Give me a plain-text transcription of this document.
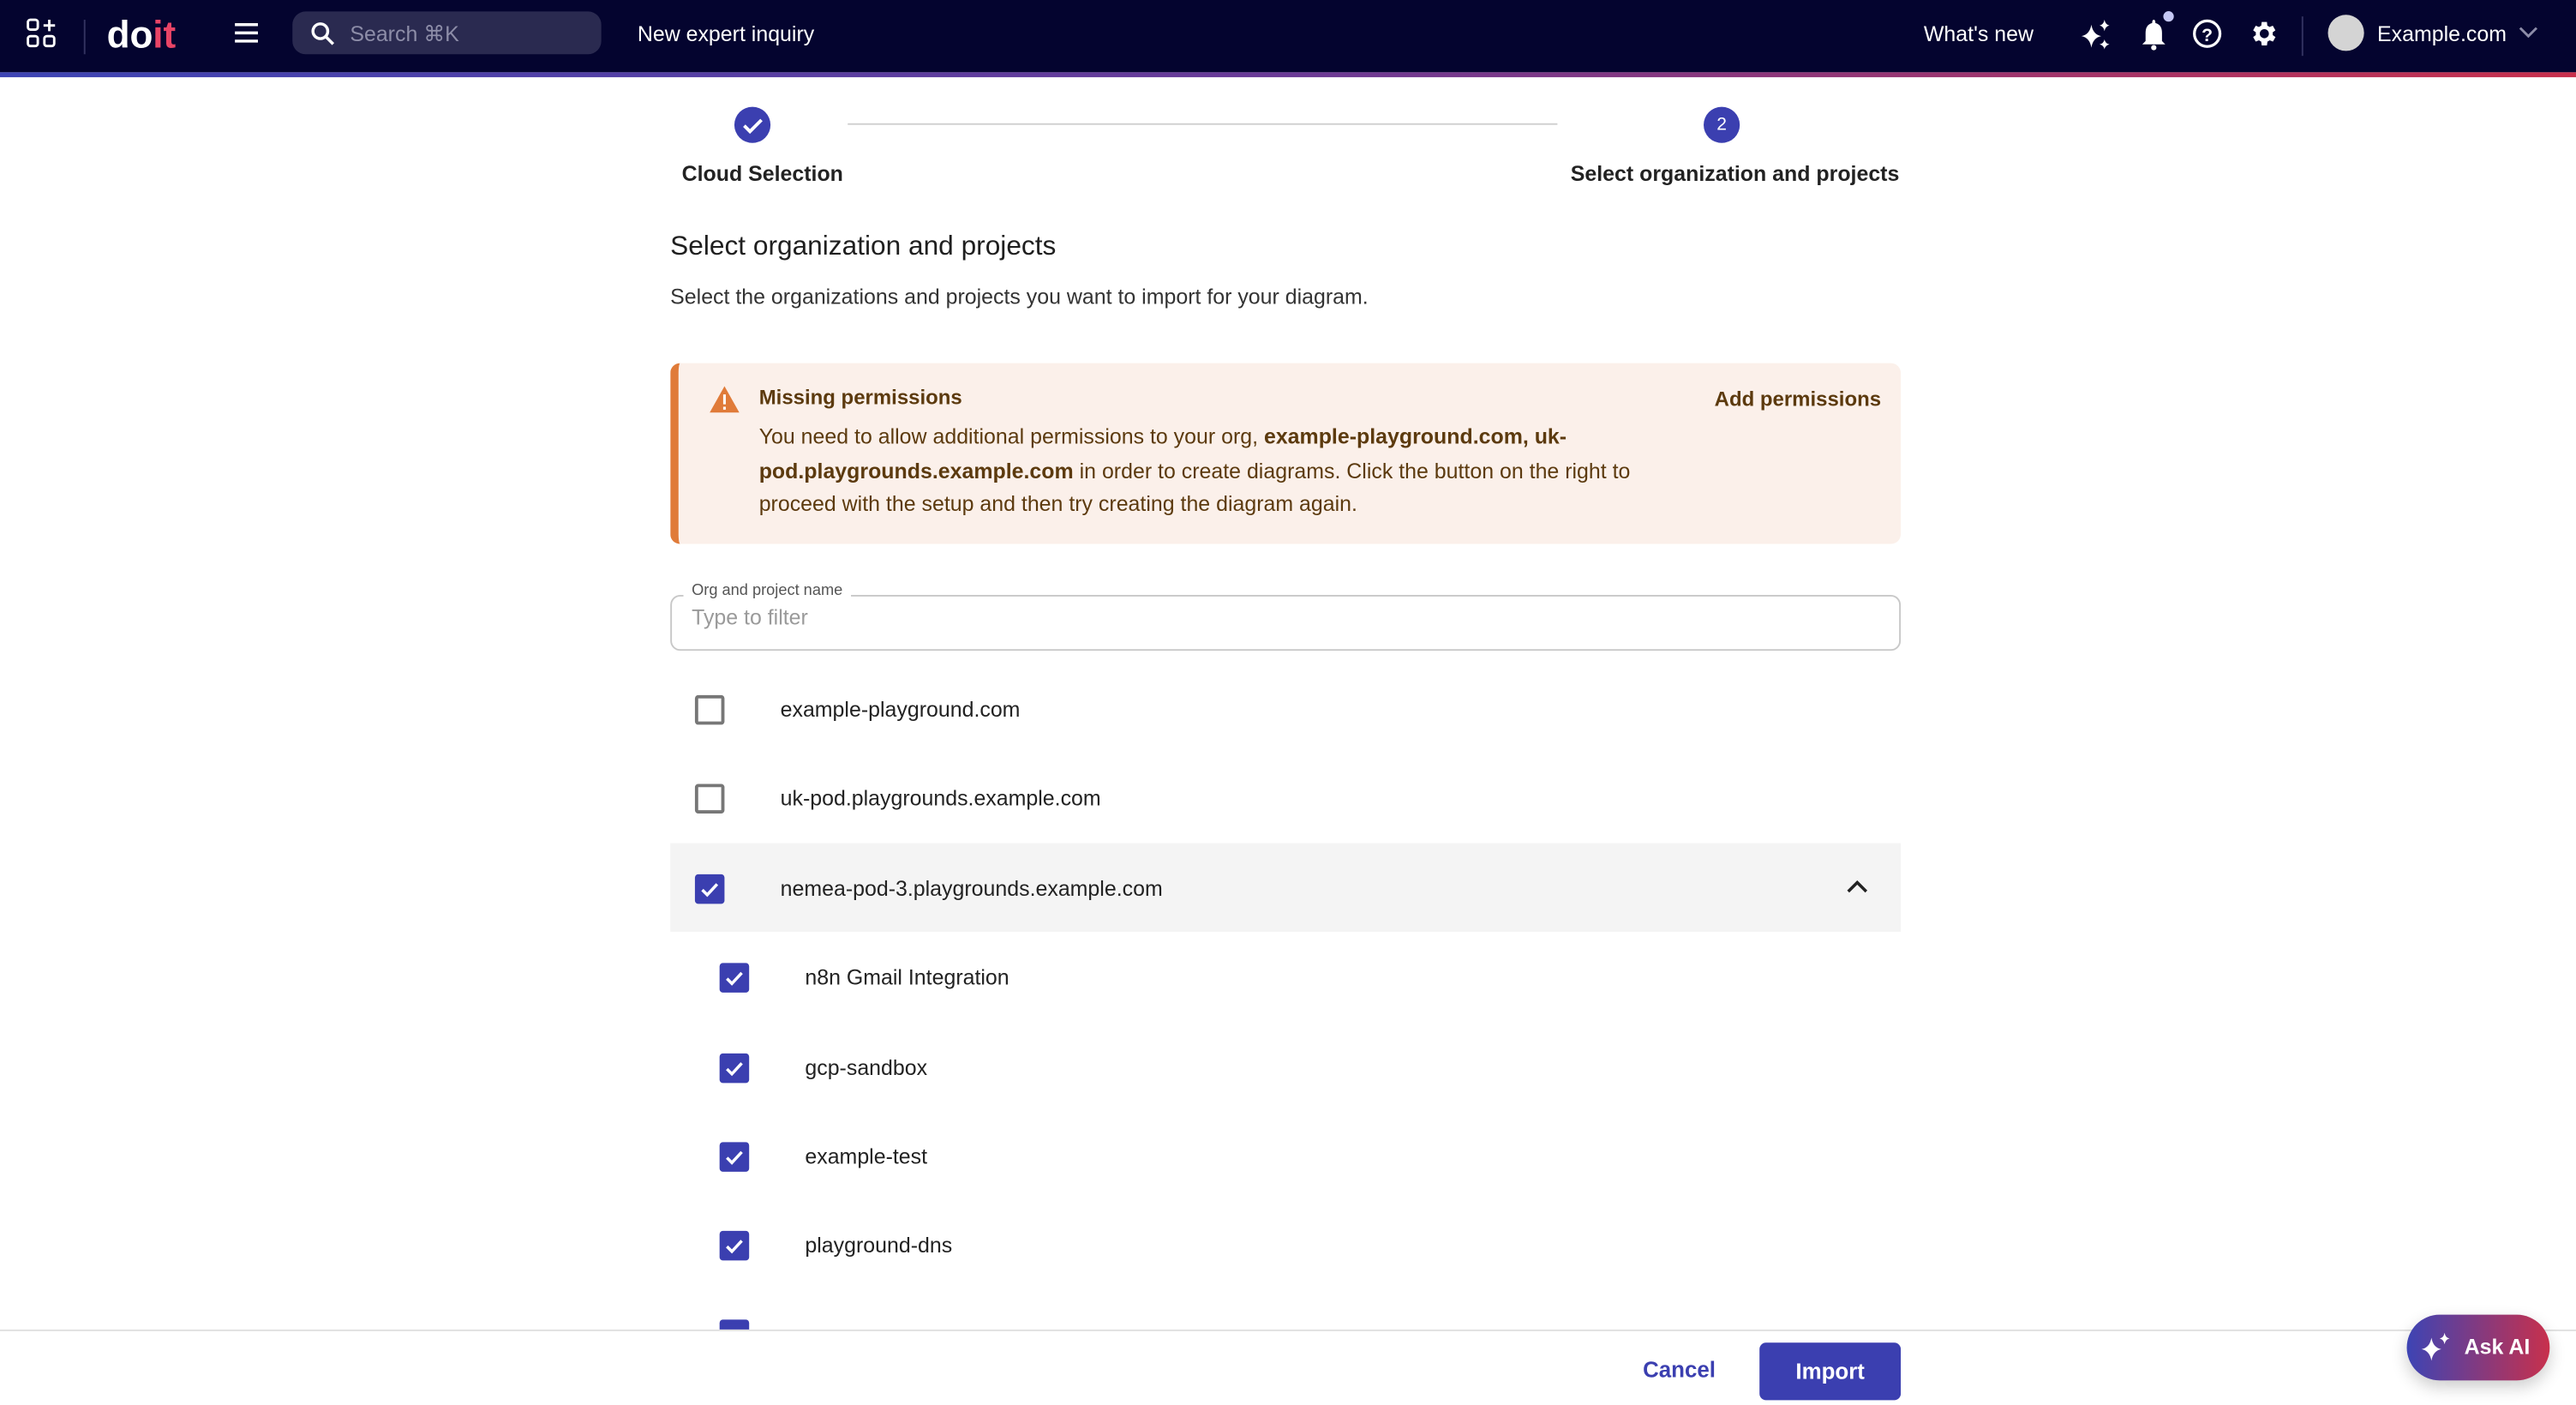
do it	Search ⌘K	New expert inquiry	What's new	?	Example.com
2
Cloud Selection	Select organization and projects
Select organization and projects
Select the organizations and projects you want to import for your diagram.
Missing permissions	Add permissions
You need to allow additional permissions to your org, example-playground.com, uk-pod.playgrounds.example.com in order to create diagrams. Click the button on the right to proceed with the setup and then try creating the diagram again.
Type to filter
Org and project name
example-playground.com
uk-pod.playgrounds.example.com
nemea-pod-3.playgrounds.example.com
n8n Gmail Integration
gcp-sandbox
example-test
playground-dns
Cancel	Import
Ask AI
